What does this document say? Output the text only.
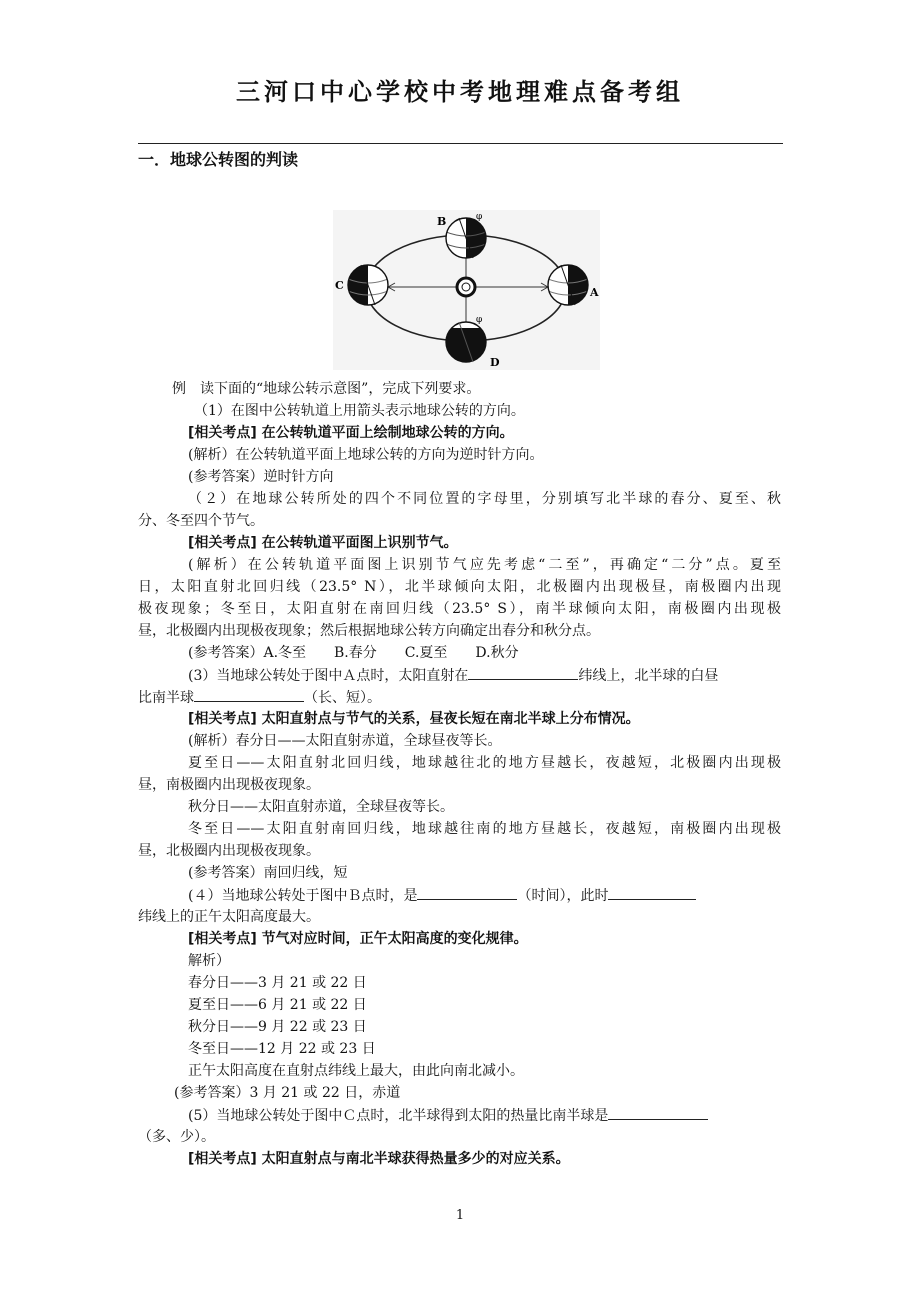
三河口中心学校中考地理难点备考组
一．地球公转图的判读
B
C
A
D
φ
φ
例　读下面的“地球公转示意图”，完成下列要求。
（1）在图中公转轨道上用箭头表示地球公转的方向。
[相关考点] 在公转轨道平面上绘制地球公转的方向。
(解析）在公转轨道平面上地球公转的方向为逆时针方向。
(参考答案）逆时针方向
（２）在地球公转所处的四个不同位置的字母里，分别填写北半球的春分、夏至、秋
分、冬至四个节气。
[相关考点] 在公转轨道平面图上识别节气。
(解析）在公转轨道平面图上识别节气应先考虑“二至”，再确定“二分”点。夏至
日，太阳直射北回归线（23.5° N），北半球倾向太阳，北极圈内出现极昼，南极圈内出现
极夜现象；冬至日，太阳直射在南回归线（23.5° S），南半球倾向太阳，南极圈内出现极
昼，北极圈内出现极夜现象；然后根据地球公转方向确定出春分和秋分点。
(参考答案）A.冬至　　B.春分　　C.夏至　　D.秋分
(3）当地球公转处于图中Ａ点时，太阳直射在	纬线上，北半球的白昼
比南半球	（长、短）。
[相关考点] 太阳直射点与节气的关系，昼夜长短在南北半球上分布情况。
(解析）春分日——太阳直射赤道，全球昼夜等长。
夏至日——太阳直射北回归线，地球越往北的地方昼越长，夜越短，北极圈内出现极
昼，南极圈内出现极夜现象。
秋分日——太阳直射赤道，全球昼夜等长。
冬至日——太阳直射南回归线，地球越往南的地方昼越长，夜越短，南极圈内出现极
昼，北极圈内出现极夜现象。
(参考答案）南回归线，短
(４）当地球公转处于图中Ｂ点时，是	（时间），此时
纬线上的正午太阳高度最大。
[相关考点] 节气对应时间，正午太阳高度的变化规律。
解析）
春分日——3 月 21 或 22 日
夏至日——6 月 21 或 22 日
秋分日——9 月 22 或 23 日
冬至日——12 月 22 或 23 日
正午太阳高度在直射点纬线上最大，由此向南北减小。
(参考答案）3 月 21 或 22 日，赤道
(5）当地球公转处于图中Ｃ点时，北半球得到太阳的热量比南半球是
（多、少）。
[相关考点] 太阳直射点与南北半球获得热量多少的对应关系。
1
